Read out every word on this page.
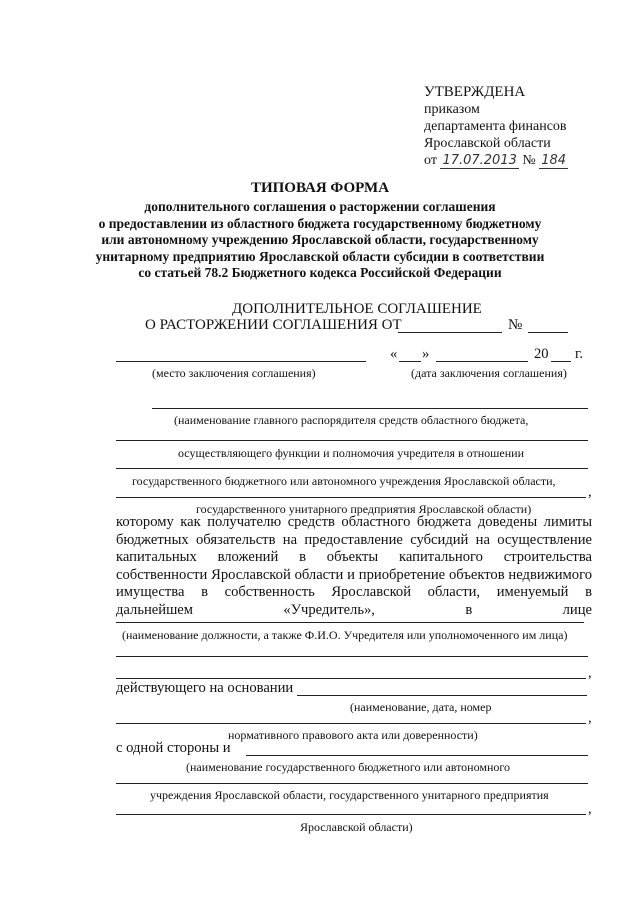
УТВЕРЖДЕНА
приказом
департамента финансов
Ярославской области
от 17.07.2013 № 184
ТИПОВАЯ ФОРМА
дополнительного соглашения о расторжении соглашения
о предоставлении из областного бюджета государственному бюджетному
или автономному учреждению Ярославской области, государственному
унитарному предприятию Ярославской области субсидии в соответствии
со статьей 78.2 Бюджетного кодекса Российской Федерации
ДОПОЛНИТЕЛЬНОЕ СОГЛАШЕНИЕ
О РАСТОРЖЕНИИ СОГЛАШЕНИЯ ОТ	№
« »	20 г.
(место заключения соглашения)	(дата заключения соглашения)
(наименование главного распорядителя средств областного бюджета,
осуществляющего функции и полномочия учредителя в отношении
государственного бюджетного или автономного учреждения Ярославской области,
,
государственного унитарного предприятия Ярославской области)

которому как получателю средств областного бюджета доведены лимиты бюджетных обязательств на предоставление субсидий на осуществление капитальных вложений в объекты капитального строительства собственности Ярославской области и приобретение объектов недвижимого имущества в собственность Ярославской области, именуемый в дальнейшем «Учредитель», в лице

(наименование должности, а также Ф.И.О. Учредителя или уполномоченного им лица)
,
действующего на основании
(наименование, дата, номер
,
нормативного правового акта или доверенности)
с одной стороны и
(наименование государственного бюджетного или автономного
учреждения Ярославской области, государственного унитарного предприятия
,
Ярославской области)
